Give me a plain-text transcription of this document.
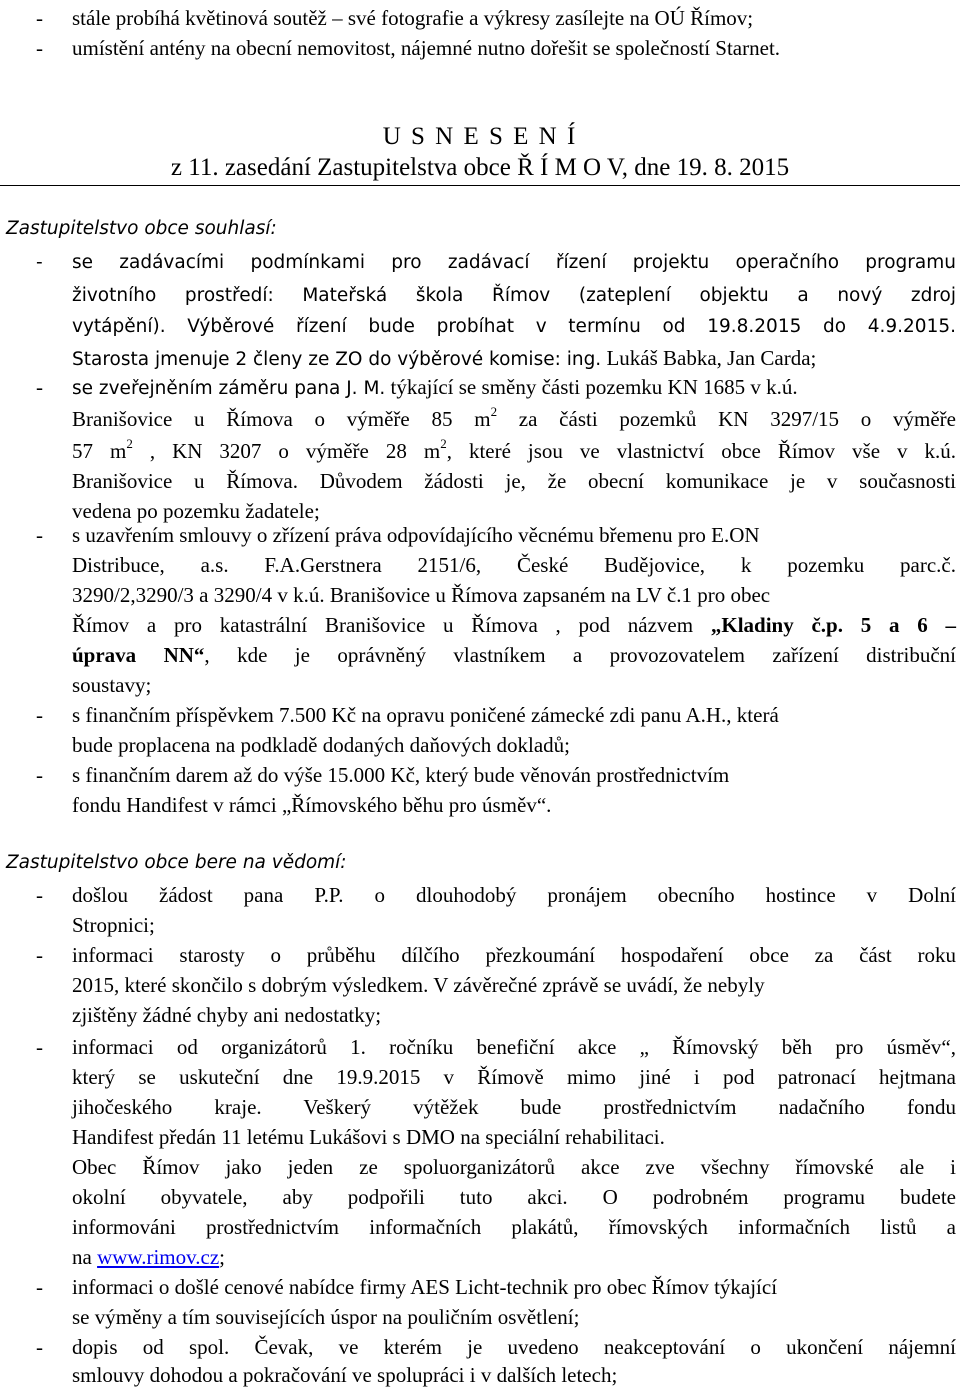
- stále probíhá květinová soutěž – své fotografie a výkresy zasílejte na OÚ Římov;
- umístění antény na obecní nemovitost, nájemné nutno dořešit se společností Starnet.
U S N E S E N Í
z 11. zasedání Zastupitelstva obce Ř Í M O V, dne 19. 8. 2015
Zastupitelstvo obce souhlasí:
- se zadávacími podmínkami pro zadávací řízení projektu operačního programu
životního prostředí: Mateřská škola Římov (zateplení objektu a nový zdroj
vytápění). Výběrové řízení bude probíhat v termínu od 19.8.2015 do 4.9.2015.
Starosta jmenuje 2 členy ze ZO do výběrové komise: ing. Lukáš Babka, Jan Carda;
- se zveřejněním záměru pana J. M. týkající se směny části pozemku KN 1685 v k.ú.
Branišovice u Římova o výměře 85 $m^2$ za části pozemků KN 3297/15 o výměře
57 $m^2$ , KN 3207 o výměře 28 $m^2$, které jsou ve vlastnictví obce Římov vše v k.ú.
Branišovice u Římova. Důvodem žádosti je, že obecní komunikace je v současnosti
vedena po pozemku žadatele;
- s uzavřením smlouvy o zřízení práva odpovídajícího věcnému břemenu pro E.ON
Distribuce, a.s. F.A.Gerstnera 2151/6, České Budějovice, k pozemku parc.č.
3290/2,3290/3 a 3290/4 v k.ú. Branišovice u Římova zapsaném na LV č.1 pro obec
Římov a pro katastrální Branišovice u Římova , pod názvem „Kladiny č.p. 5 a 6 –
úprava NN“, kde je oprávněný vlastníkem a provozovatelem zařízení distribuční
soustavy;
- s finančním příspěvkem 7.500 Kč na opravu poničené zámecké zdi panu A.H., která
bude proplacena na podkladě dodaných daňových dokladů;
- s finančním darem až do výše 15.000 Kč, který bude věnován prostřednictvím
fondu Handifest v rámci „Římovského běhu pro úsměv“.
Zastupitelstvo obce bere na vědomí:
- došlou žádost pana P.P. o dlouhodobý pronájem obecního hostince v Dolní
Stropnici;
- informaci starosty o průběhu dílčího přezkoumání hospodaření obce za část roku
2015, které skončilo s dobrým výsledkem. V závěrečné zprávě se uvádí, že nebyly
zjištěny žádné chyby ani nedostatky;
- informaci od organizátorů 1. ročníku benefiční akce „ Římovský běh pro úsměv“,
který se uskuteční dne 19.9.2015 v Římově mimo jiné i pod patronací hejtmana
jihočeského kraje. Veškerý výtěžek bude prostřednictvím nadačního fondu
Handifest předán 11 letému Lukášovi s DMO na speciální rehabilitaci.
Obec Římov jako jeden ze spoluorganizátorů akce zve všechny římovské ale i
okolní obyvatele, aby podpořili tuto akci. O podrobném programu budete
informováni prostřednictvím informačních plakátů, římovských informačních listů a
na www.rimov.cz;
- informaci o došlé cenové nabídce firmy AES Licht-technik pro obec Římov týkající
se výměny a tím souvisejících úspor na pouličním osvětlení;
- dopis od spol. Čevak, ve kterém je uvedeno neakceptování o ukončení nájemní
smlouvy dohodou a pokračování ve spolupráci i v dalších letech;
